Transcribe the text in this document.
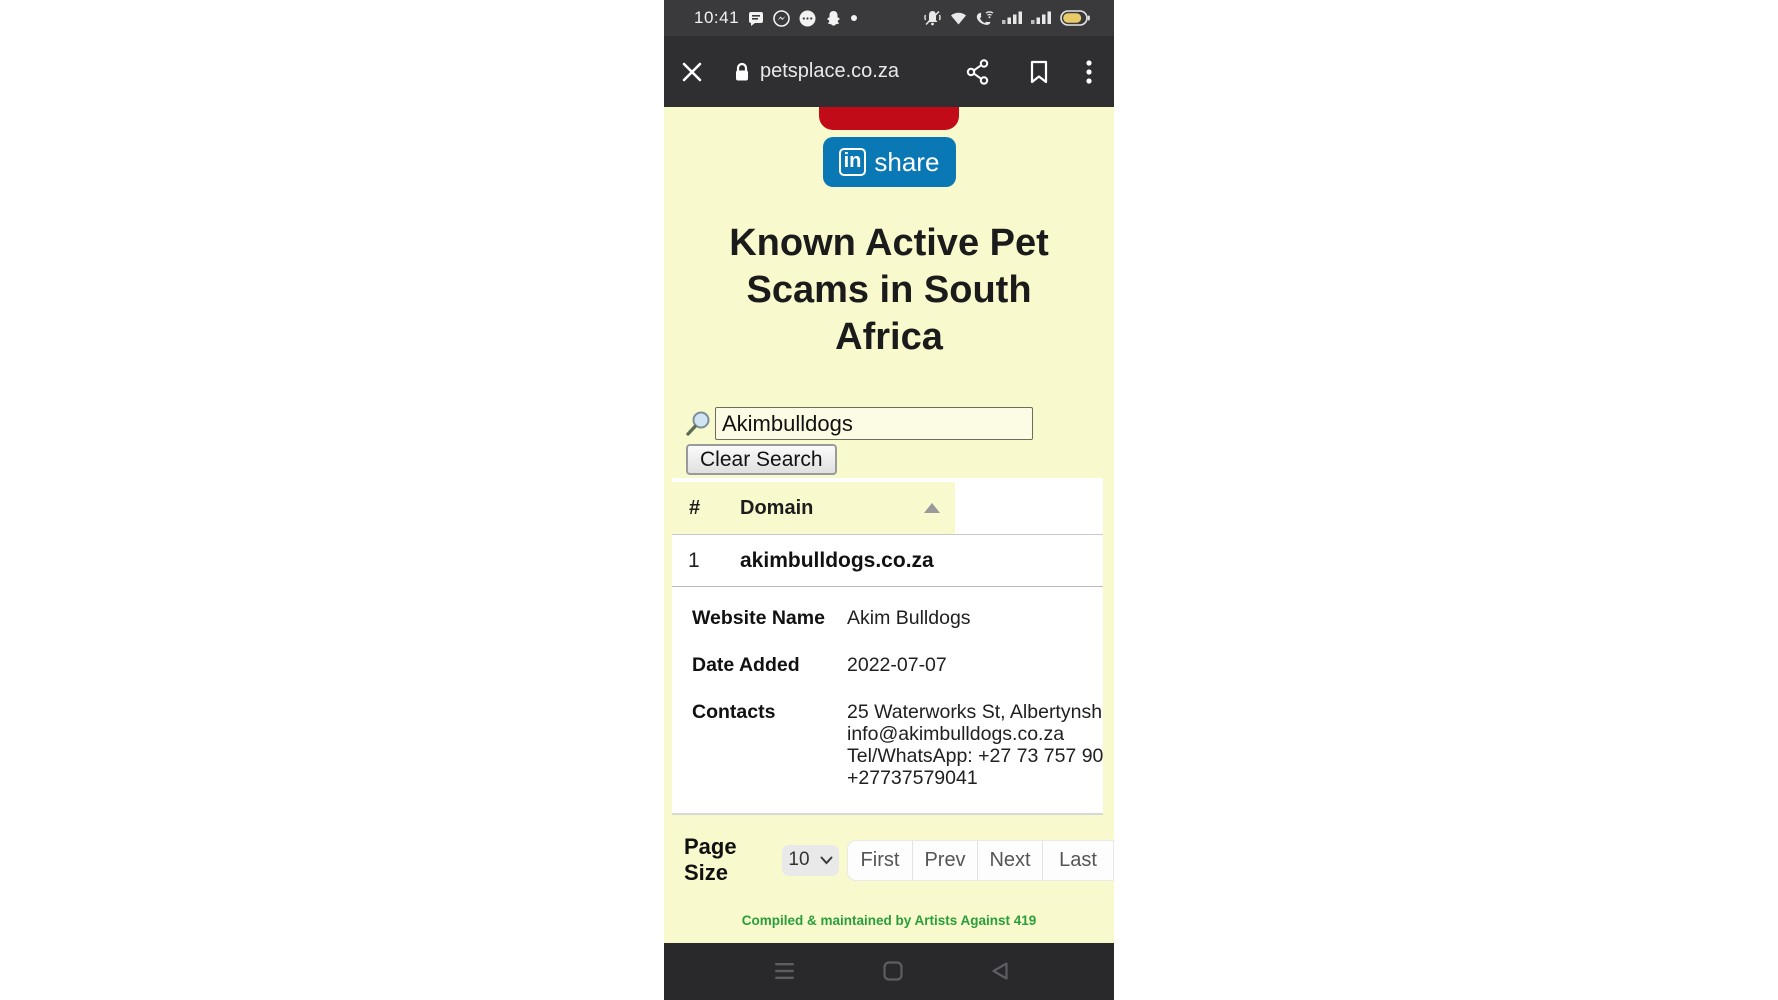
10:41
petsplace.co.za
in share
Known Active Pet Scams in South Africa
Akimbulldogs
Clear Search
#	Domain
1	akimbulldogs.co.za
Website Name	Akim Bulldogs
Date Added	2022-07-07
Contacts	25 Waterworks St, Albertynsh
info@akimbulldogs.co.za
Tel/WhatsApp: +27 73 757 90
+27737579041
Page Size
10	First	Prev	Next	Last
Compiled & maintained by Artists Against 419
